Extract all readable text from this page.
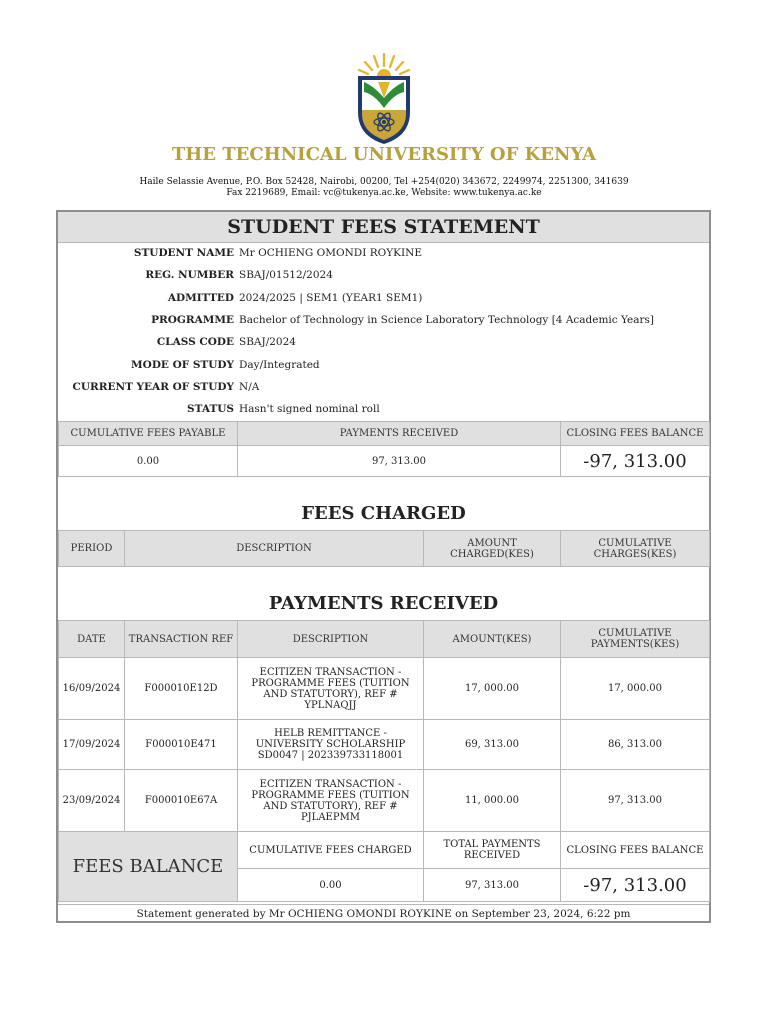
THE TECHNICAL UNIVERSITY OF KENYA
Haile Selassie Avenue, P.O. Box 52428, Nairobi, 00200, Tel +254(020) 343672, 2249974, 2251300, 341639
Fax 2219689, Email: vc@tukenya.ac.ke, Website: www.tukenya.ac.ke
STUDENT FEES STATEMENT
STUDENT NAME Mr OCHIENG OMONDI ROYKINE
REG. NUMBER SBAJ/01512/2024
ADMITTED 2024/2025 | SEM1 (YEAR1 SEM1)
PROGRAMME Bachelor of Technology in Science Laboratory Technology [4 Academic Years]
CLASS CODE SBAJ/2024
MODE OF STUDY Day/Integrated
CURRENT YEAR OF STUDY N/A
STATUS Hasn't signed nominal roll
CUMULATIVE FEES PAYABLE	PAYMENTS RECEIVED	CLOSING FEES BALANCE
0.00	97, 313.00	-97, 313.00
FEES CHARGED
PERIOD	DESCRIPTION	AMOUNT CHARGED(KES)	CUMULATIVE CHARGES(KES)
PAYMENTS RECEIVED
DATE	TRANSACTION REF	DESCRIPTION	AMOUNT(KES)	CUMULATIVE PAYMENTS(KES)
16/09/2024	F000010E12D	ECITIZEN TRANSACTION - PROGRAMME FEES (TUITION AND STATUTORY), REF # YPLNAQJJ	17, 000.00	17, 000.00
17/09/2024	F000010E471	HELB REMITTANCE - UNIVERSITY SCHOLARSHIP SD0047 | 202339733118001	69, 313.00	86, 313.00
23/09/2024	F000010E67A	ECITIZEN TRANSACTION - PROGRAMME FEES (TUITION AND STATUTORY), REF # PJLAEPMM	11, 000.00	97, 313.00
FEES BALANCE	CUMULATIVE FEES CHARGED	TOTAL PAYMENTS RECEIVED	CLOSING FEES BALANCE
	0.00	97, 313.00	-97, 313.00
Statement generated by Mr OCHIENG OMONDI ROYKINE on September 23, 2024, 6:22 pm
